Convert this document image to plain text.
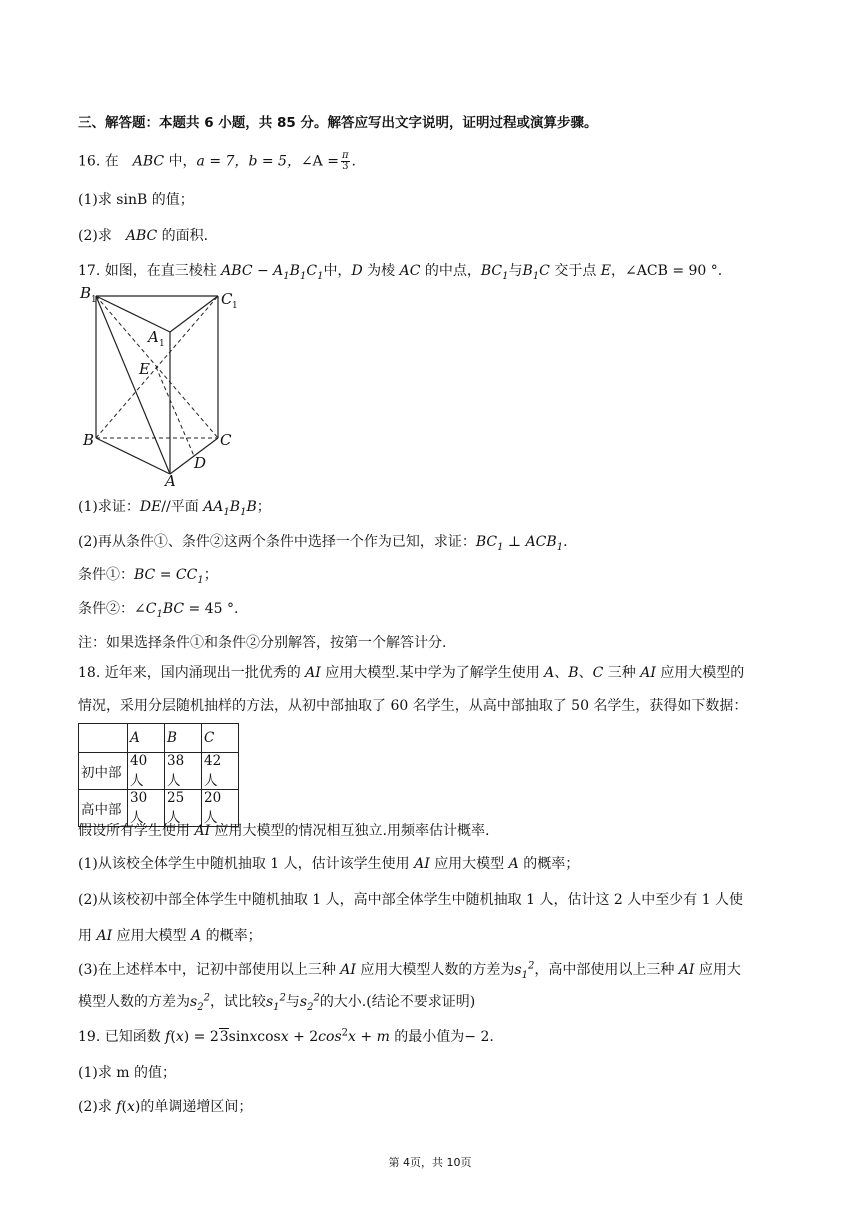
三、解答题：本题共 6 小题，共 85 分。解答应写出文字说明，证明过程或演算步骤。
16. 在 ABC 中，a = 7，b = 5，∠A = $\frac{\pi}{3}$ .
(1)求 sinB 的值；
(2)求 ABC 的面积.
17. 如图，在直三棱柱 ABC − $A_1B_1C_1$中，D 为棱 AC 的中点，$BC_1$与$B_1C$ 交于点 E，∠ACB = 90 °.
B 1	C 1
A 1
E
B	C
D
A
(1)求证：DE//平面 $AA_1B_1B$；
(2)再从条件①、条件②这两个条件中选择一个作为已知，求证：$BC_1$ ⊥ $ACB_1$.
条件①：BC = $CC_1$；
条件②：$\angle C_1BC = 45$ °.
注：如果选择条件①和条件②分别解答，按第一个解答计分.
18. 近年来，国内涌现出一批优秀的 AI 应用大模型.某中学为了解学生使用 A、B、C 三种 AI 应用大模型的
情况，采用分层随机抽样的方法，从初中部抽取了 60 名学生，从高中部抽取了 50 名学生，获得如下数据：
	A	B	C
初中部	40 人	38 人	42 人
高中部	30 人	25 人	20 人
假设所有学生使用 AI 应用大模型的情况相互独立.用频率估计概率.
(1)从该校全体学生中随机抽取 1 人，估计该学生使用 AI 应用大模型 A 的概率；
(2)从该校初中部全体学生中随机抽取 1 人，高中部全体学生中随机抽取 1 人，估计这 2 人中至少有 1 人使
用 AI 应用大模型 A 的概率；
(3)在上述样本中，记初中部使用以上三种 AI 应用大模型人数的方差为$s_1^2$，高中部使用以上三种 AI 应用大
模型人数的方差为$s_2^2$，试比较$s_1^2$与$s_2^2$的大小.(结论不要求证明)
19. 已知函数 f(x) = 23sinxcosx + $2\cos^2x + m$ 的最小值为− 2.
(1)求 m 的值；
(2)求 f(x)的单调递增区间；
第 4页，共 10页
